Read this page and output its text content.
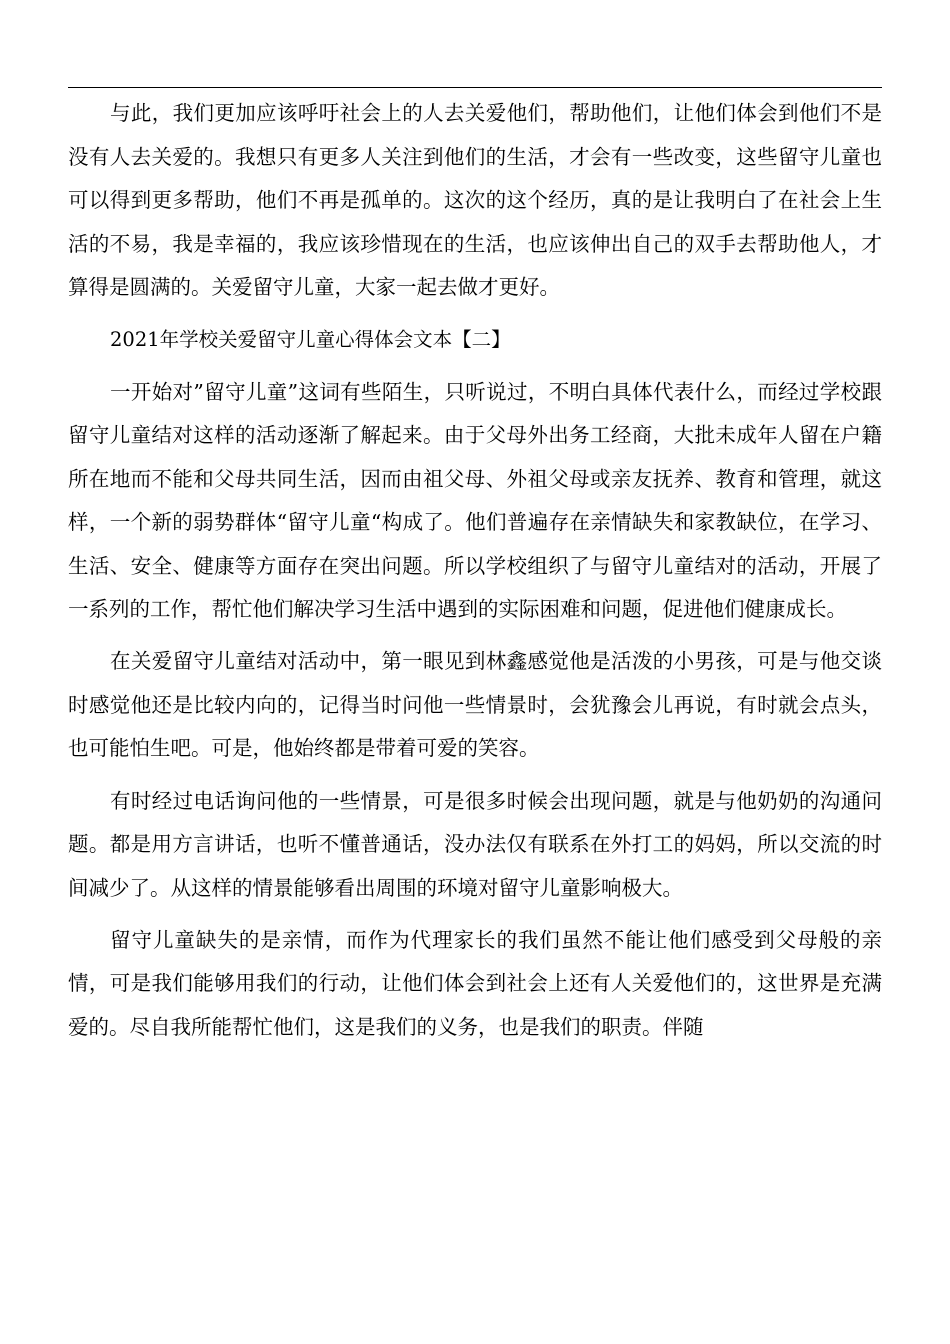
与此，我们更加应该呼吁社会上的人去关爱他们，帮助他们，让他们体会到他们不是没有人去关爱的。我想只有更多人关注到他们的生活，才会有一些改变，这些留守儿童也可以得到更多帮助，他们不再是孤单的。这次的这个经历，真的是让我明白了在社会上生活的不易，我是幸福的，我应该珍惜现在的生活，也应该伸出自己的双手去帮助他人，才算得是圆满的。关爱留守儿童，大家一起去做才更好。

2021年学校关爱留守儿童心得体会文本【二】

一开始对”留守儿童”这词有些陌生，只听说过，不明白具体代表什么，而经过学校跟留守儿童结对这样的活动逐渐了解起来。由于父母外出务工经商，大批未成年人留在户籍所在地而不能和父母共同生活，因而由祖父母、外祖父母或亲友抚养、教育和管理，就这样，一个新的弱势群体“留守儿童“构成了。他们普遍存在亲情缺失和家教缺位，在学习、生活、安全、健康等方面存在突出问题。所以学校组织了与留守儿童结对的活动，开展了一系列的工作，帮忙他们解决学习生活中遇到的实际困难和问题，促进他们健康成长。

在关爱留守儿童结对活动中，第一眼见到林鑫感觉他是活泼的小男孩，可是与他交谈时感觉他还是比较内向的，记得当时问他一些情景时，会犹豫会儿再说，有时就会点头，也可能怕生吧。可是，他始终都是带着可爱的笑容。

有时经过电话询问他的一些情景，可是很多时候会出现问题，就是与他奶奶的沟通问题。都是用方言讲话，也听不懂普通话，没办法仅有联系在外打工的妈妈，所以交流的时间减少了。从这样的情景能够看出周围的环境对留守儿童影响极大。

留守儿童缺失的是亲情，而作为代理家长的我们虽然不能让他们感受到父母般的亲情，可是我们能够用我们的行动，让他们体会到社会上还有人关爱他们的，这世界是充满爱的。尽自我所能帮忙他们，这是我们的义务，也是我们的职责。伴随
